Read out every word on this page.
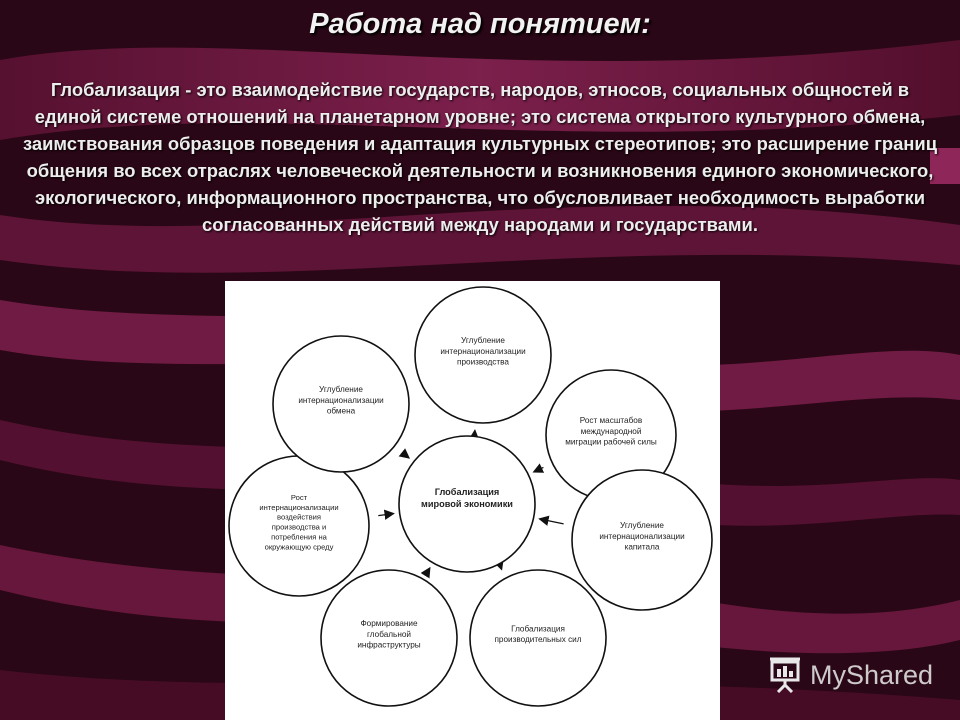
Работа над понятием:

Глобализация - это взаимодействие государств, народов, этносов, социальных общностей в единой системе отношений на планетарном уровне; это система открытого культурного обмена, заимствования образцов поведения и адаптация культурных стереотипов; это расширение границ общения во всех отраслях человеческой деятельности и возникновения единого экономического, экологического, информационного пространства, что обусловливает необходимость выработки согласованных действий между народами и государствами.

Глобализация
мировой экономики
Углубление
интернационализации
производства
Рост масштабов
международной
миграции рабочей силы
Углубление
интернационализации
капитала
Глобализация
производительных сил
Формирование
глобальной
инфраструктуры
Рост
интернационализации
воздействия
производства и
потребления на
окружающую среду
Углубление
интернационализации
обмена
MyShared
